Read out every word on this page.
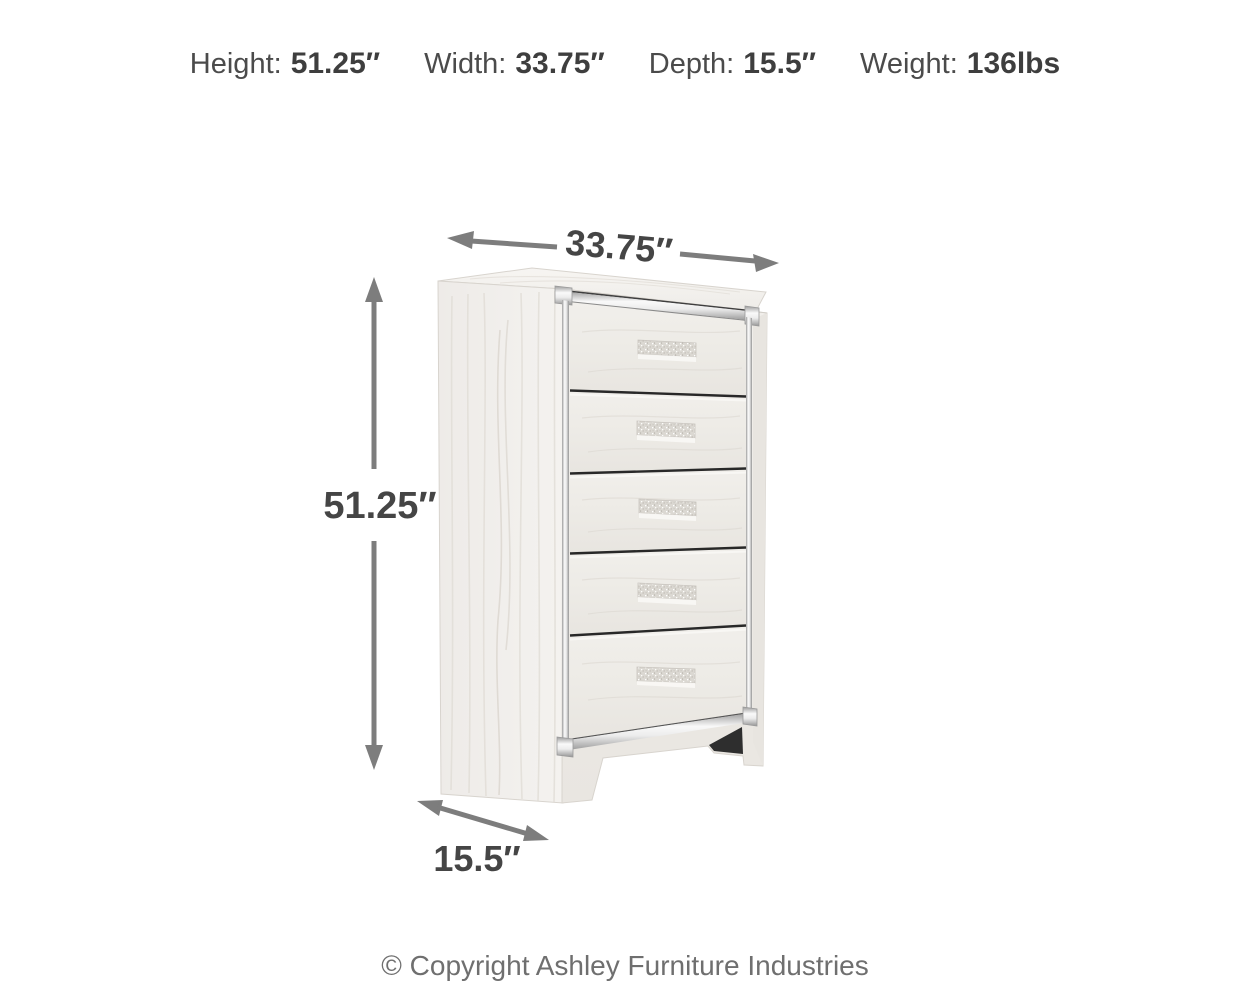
Height: 51.25″ Width: 33.75″ Depth: 15.5″ Weight: 136lbs
33.75″
51.25″
15.5″
© Copyright Ashley Furniture Industries
